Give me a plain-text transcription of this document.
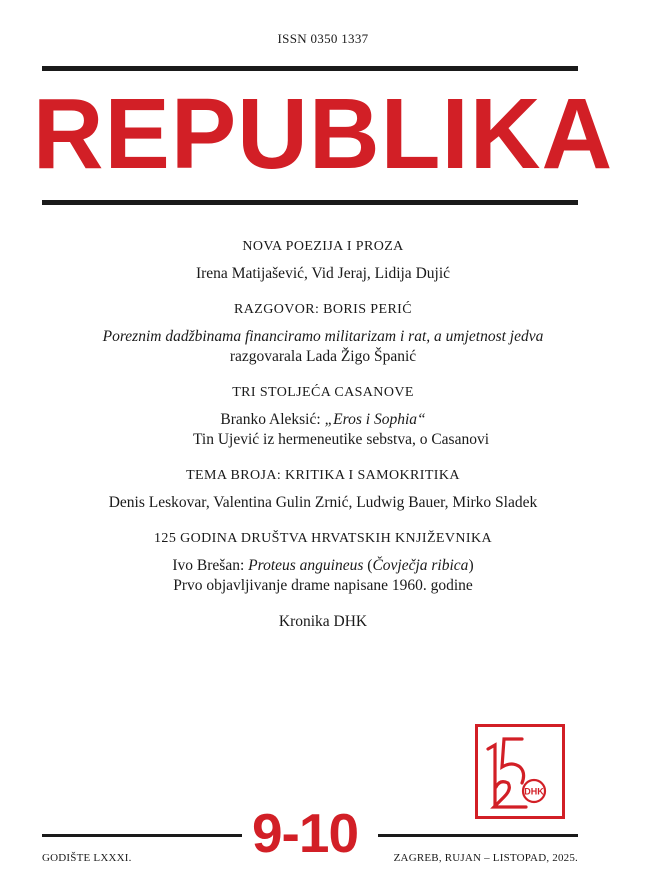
ISSN 0350 1337
REPUBLIKA
NOVA POEZIJA I PROZA
Irena Matijašević, Vid Jeraj, Lidija Dujić
RAZGOVOR: BORIS PERIĆ
Poreznim dadžbinama financiramo militarizam i rat, a umjetnost jedva
razgovarala Lada Žigo Španić
TRI STOLJEĆA CASANOVE
Branko Aleksić: „Eros i Sophia“
Tin Ujević iz hermeneutike sebstva, o Casanovi
TEMA BROJA: KRITIKA I SAMOKRITIKA
Denis Leskovar, Valentina Gulin Zrnić, Ludwig Bauer, Mirko Sladek
125 GODINA DRUŠTVA HRVATSKIH KNJIŽEVNIKA
Ivo Brešan: Proteus anguineus (Čovječja ribica)
Prvo objavljivanje drame napisane 1960. godine
Kronika DHK
DHK
9-10
GODIŠTE LXXXI.	ZAGREB, RUJAN – LISTOPAD, 2025.
